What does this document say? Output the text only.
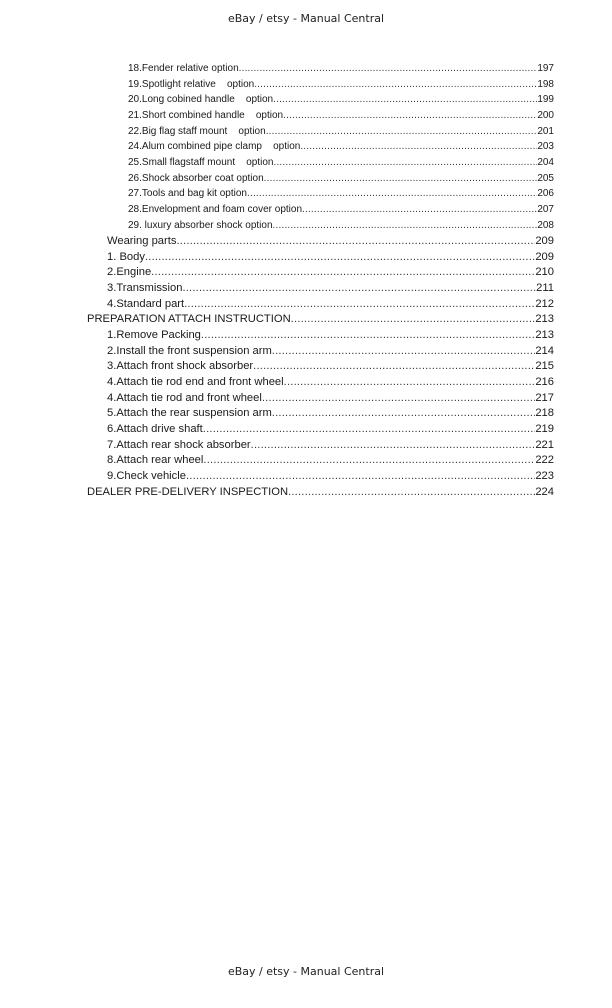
eBay / etsy - Manual Central
18.Fender relative option .....	197
19.Spotlight relative    option .....	198
20.Long cobined handle    option .....	199
21.Short combined handle    option .....	200
22.Big flag staff mount    option .....	201
24.Alum combined pipe clamp    option .....	203
25.Small flagstaff mount    option .....	204
26.Shock absorber coat option .....	205
27.Tools and bag kit option .....	206
28.Envelopment and foam cover option .....	207
29. luxury absorber shock option .....	208
Wearing parts .....	209
1. Body .....	209
2.Engine .....	210
3.Transmission .....	211
4.Standard part .....	212
PREPARATION ATTACH INSTRUCTION .....	213
1.Remove Packing .....	213
2.Install the front suspension arm .....	214
3.Attach front shock absorber .....	215
4.Attach tie rod end and front wheel .....	216
4.Attach tie rod and front wheel .....	217
5.Attach the rear suspension arm .....	218
6.Attach drive shaft .....	219
7.Attach rear shock absorber .....	221
8.Attach rear wheel .....	222
9.Check vehicle .....	223
DEALER PRE-DELIVERY INSPECTION .....	224
eBay / etsy - Manual Central
